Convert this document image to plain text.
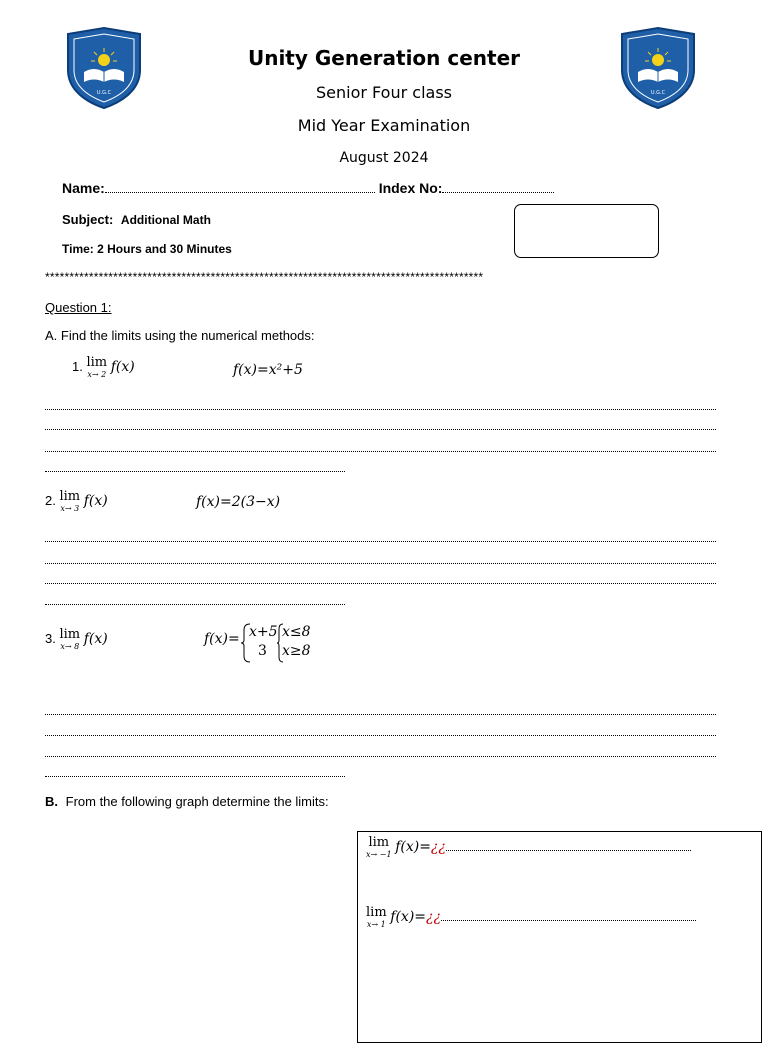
U.G.C	U.G.C
Unity Generation center
Senior Four class
Mid Year Examination
August 2024
Name:	Index No:
Subject: Additional Math
Time: 2 Hours and 30 Minutes
******************************************************************************************
Question 1:
A. Find the limits using the numerical methods:
1. lim
x→ 2 f(x)	f(x)=x²+5
2. lim
x→ 3 f(x)	f(x)=2(3−x)
3. lim
x→ 8 f(x)	f(x)= x+5
3
x≤8
x≥8
B. From the following graph determine the limits:
lim
x→ −1 f(x)=¿¿
lim
x→ 1 f(x)=¿¿
